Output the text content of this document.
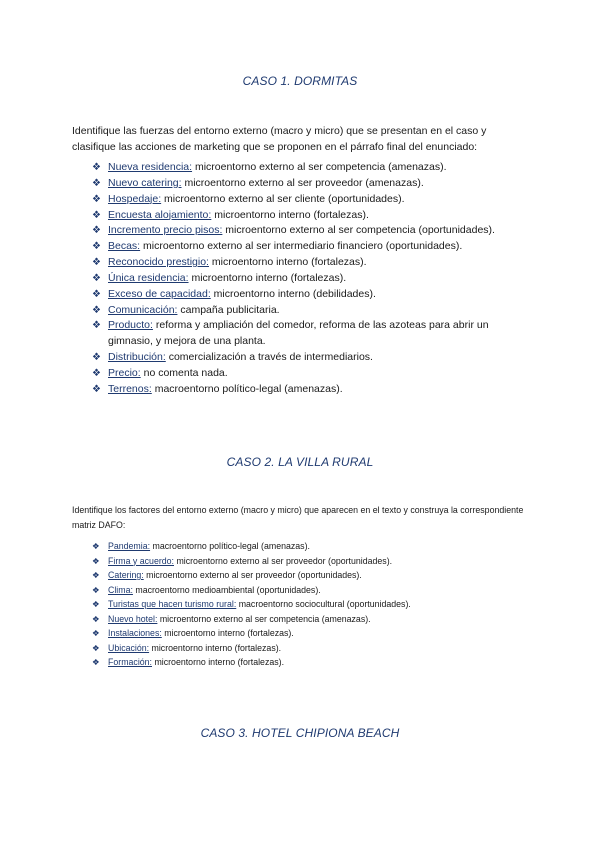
CASO 1. DORMITAS
Identifique las fuerzas del entorno externo (macro y micro) que se presentan en el caso y clasifique las acciones de marketing que se proponen en el párrafo final del enunciado:
❖ Nueva residencia: microentorno externo al ser competencia (amenazas).
❖ Nuevo catering: microentorno externo al ser proveedor (amenazas).
❖ Hospedaje: microentorno externo al ser cliente (oportunidades).
❖ Encuesta alojamiento: microentorno interno (fortalezas).
❖ Incremento precio pisos: microentorno externo al ser competencia (oportunidades).
❖ Becas: microentorno externo al ser intermediario financiero (oportunidades).
❖ Reconocido prestigio: microentorno interno (fortalezas).
❖ Única residencia: microentorno interno (fortalezas).
❖ Exceso de capacidad: microentorno interno (debilidades).
❖ Comunicación: campaña publicitaria.
❖ Producto: reforma y ampliación del comedor, reforma de las azoteas para abrir un gimnasio, y mejora de una planta.
❖ Distribución: comercialización a través de intermediarios.
❖ Precio: no comenta nada.
❖ Terrenos: macroentorno político-legal (amenazas).
CASO 2. LA VILLA RURAL
Identifique los factores del entorno externo (macro y micro) que aparecen en el texto y construya la correspondiente matriz DAFO:
❖ Pandemia: macroentorno político-legal (amenazas).
❖ Firma y acuerdo: microentorno externo al ser proveedor (oportunidades).
❖ Catering: microentorno externo al ser proveedor (oportunidades).
❖ Clima: macroentorno medioambiental (oportunidades).
❖ Turistas que hacen turismo rural: macroentorno sociocultural (oportunidades).
❖ Nuevo hotel: microentorno externo al ser competencia (amenazas).
❖ Instalaciones: microentorno interno (fortalezas).
❖ Ubicación: microentorno interno (fortalezas).
❖ Formación: microentorno interno (fortalezas).
CASO 3. HOTEL CHIPIONA BEACH
